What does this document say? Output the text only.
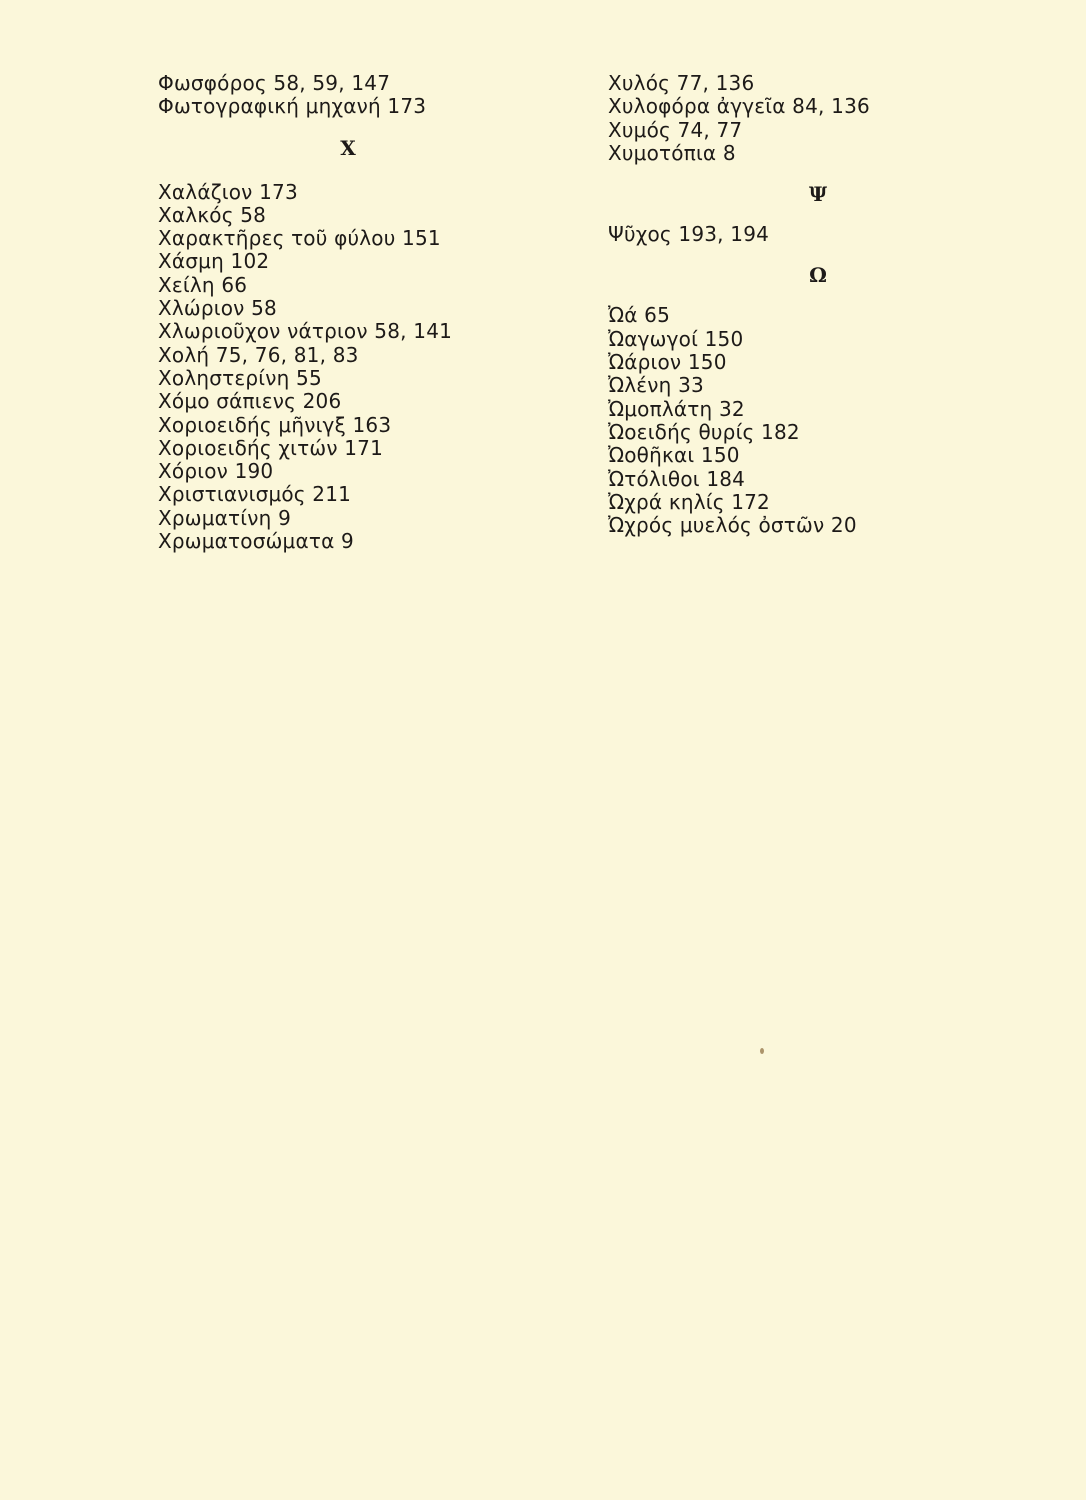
Φωσφόρος 58, 59, 147
Φωτογραφική μηχανή 173
Χ
Χαλάζιον 173
Χαλκός 58
Χαρακτῆρες τοῦ φύλου 151
Χάσμη 102
Χείλη 66
Χλώριον 58
Χλωριοῦχον νάτριον 58, 141
Χολή 75, 76, 81, 83
Χοληστερίνη 55
Χόμο σάπιενς 206
Χοριοειδής μῆνιγξ 163
Χοριοειδής χιτών 171
Χόριον 190
Χριστιανισμός 211
Χρωματίνη 9
Χρωματοσώματα 9
Χυλός 77, 136
Χυλοφόρα ἀγγεῖα 84, 136
Χυμός 74, 77
Χυμοτόπια 8
Ψ
Ψῦχος 193, 194
Ω
Ὠά 65
Ὠαγωγοί 150
Ὠάριον 150
Ὠλένη 33
Ὠμοπλάτη 32
Ὠοειδής θυρίς 182
Ὠοθῆκαι 150
Ὠτόλιθοι 184
Ὠχρά κηλίς 172
Ὠχρός μυελός ὀστῶν 20
